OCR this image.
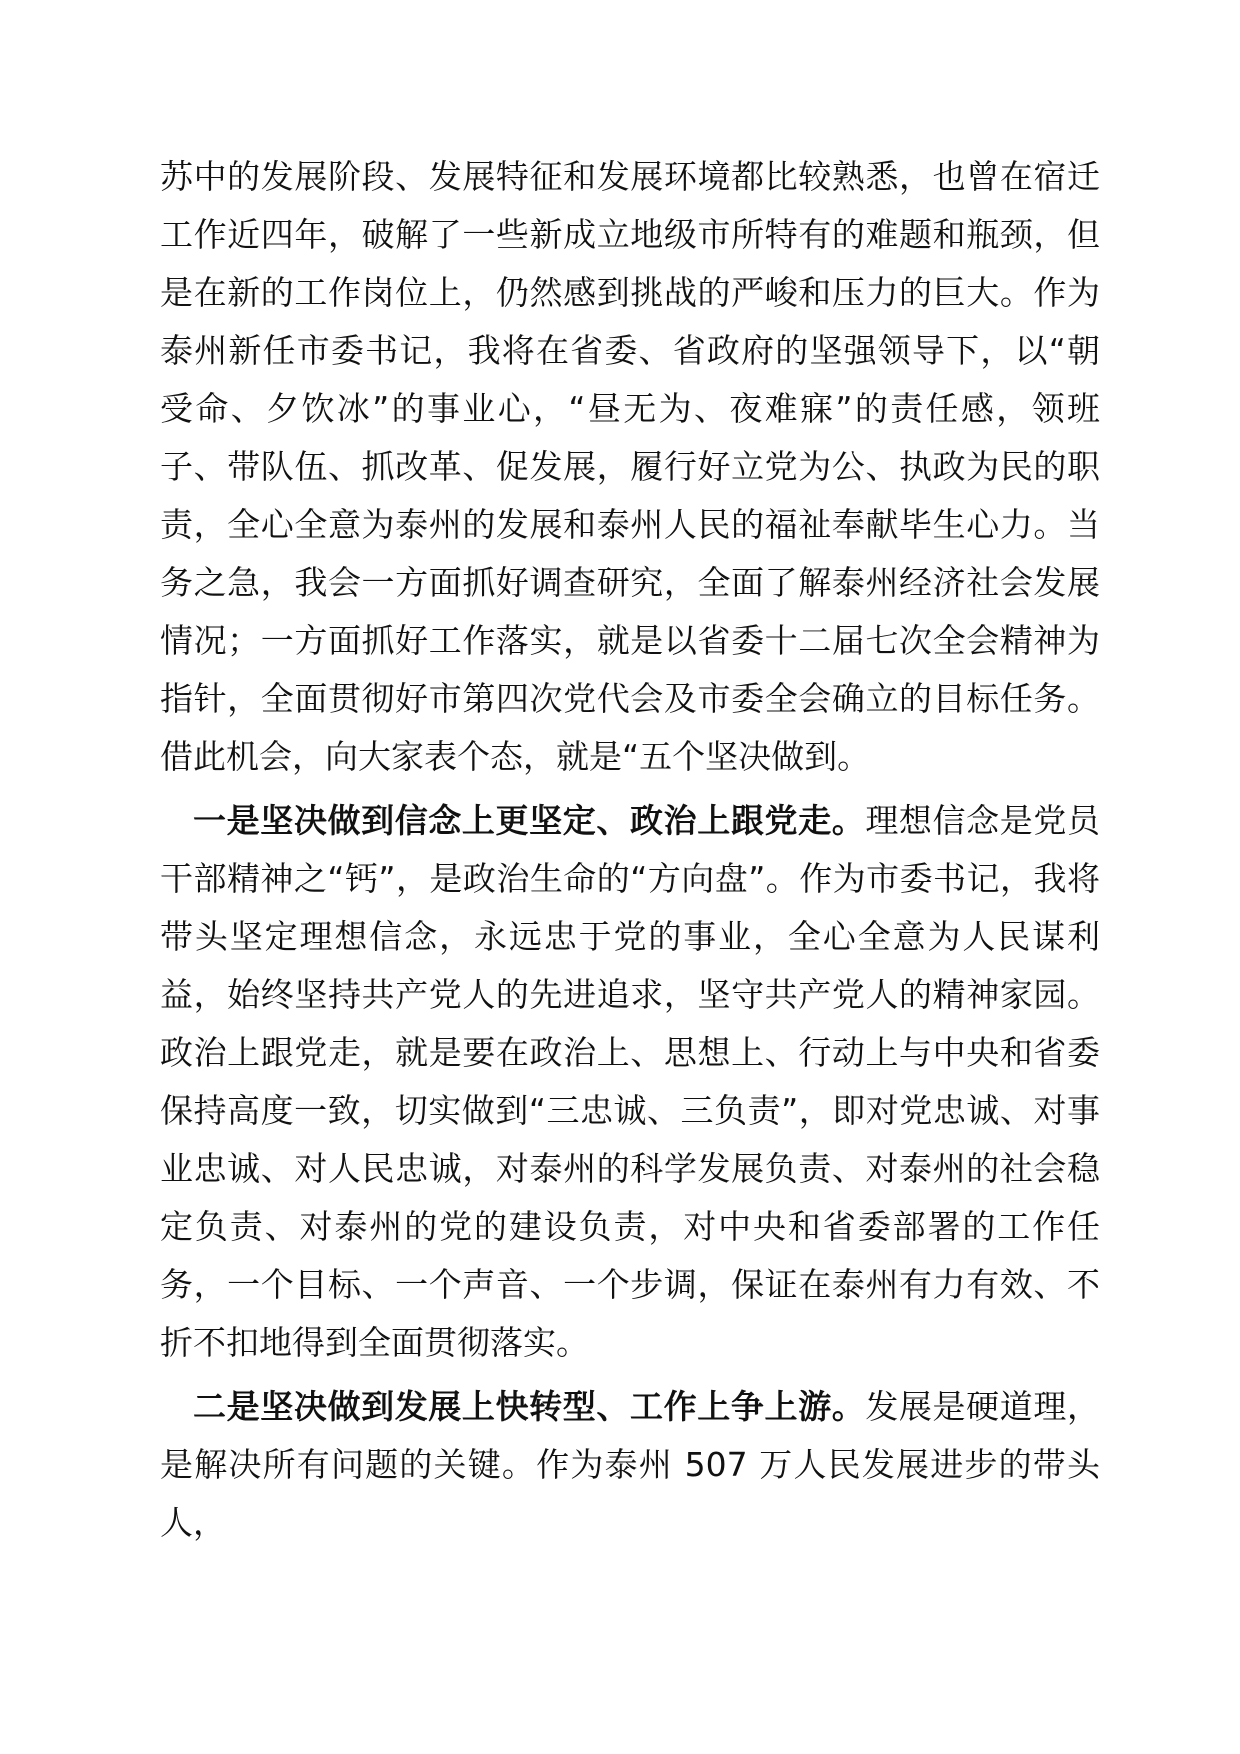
苏中的发展阶段、发展特征和发展环境都比较熟悉，也曾在宿迁工作近四年，破解了一些新成立地级市所特有的难题和瓶颈，但是在新的工作岗位上，仍然感到挑战的严峻和压力的巨大。作为泰州新任市委书记，我将在省委、省政府的坚强领导下，以“朝受命、夕饮冰”的事业心，“昼无为、夜难寐”的责任感，领班子、带队伍、抓改革、促发展，履行好立党为公、执政为民的职责，全心全意为泰州的发展和泰州人民的福祉奉献毕生心力。当务之急，我会一方面抓好调查研究，全面了解泰州经济社会发展情况；一方面抓好工作落实，就是以省委十二届七次全会精神为指针，全面贯彻好市第四次党代会及市委全会确立的目标任务。借此机会，向大家表个态，就是“五个坚决做到。

一是坚决做到信念上更坚定、政治上跟党走。理想信念是党员干部精神之“钙”，是政治生命的“方向盘”。作为市委书记，我将带头坚定理想信念，永远忠于党的事业，全心全意为人民谋利益，始终坚持共产党人的先进追求，坚守共产党人的精神家园。政治上跟党走，就是要在政治上、思想上、行动上与中央和省委保持高度一致，切实做到“三忠诚、三负责”，即对党忠诚、对事业忠诚、对人民忠诚，对泰州的科学发展负责、对泰州的社会稳定负责、对泰州的党的建设负责，对中央和省委部署的工作任务，一个目标、一个声音、一个步调，保证在泰州有力有效、不折不扣地得到全面贯彻落实。

二是坚决做到发展上快转型、工作上争上游。发展是硬道理，是解决所有问题的关键。作为泰州 507 万人民发展进步的带头人，
